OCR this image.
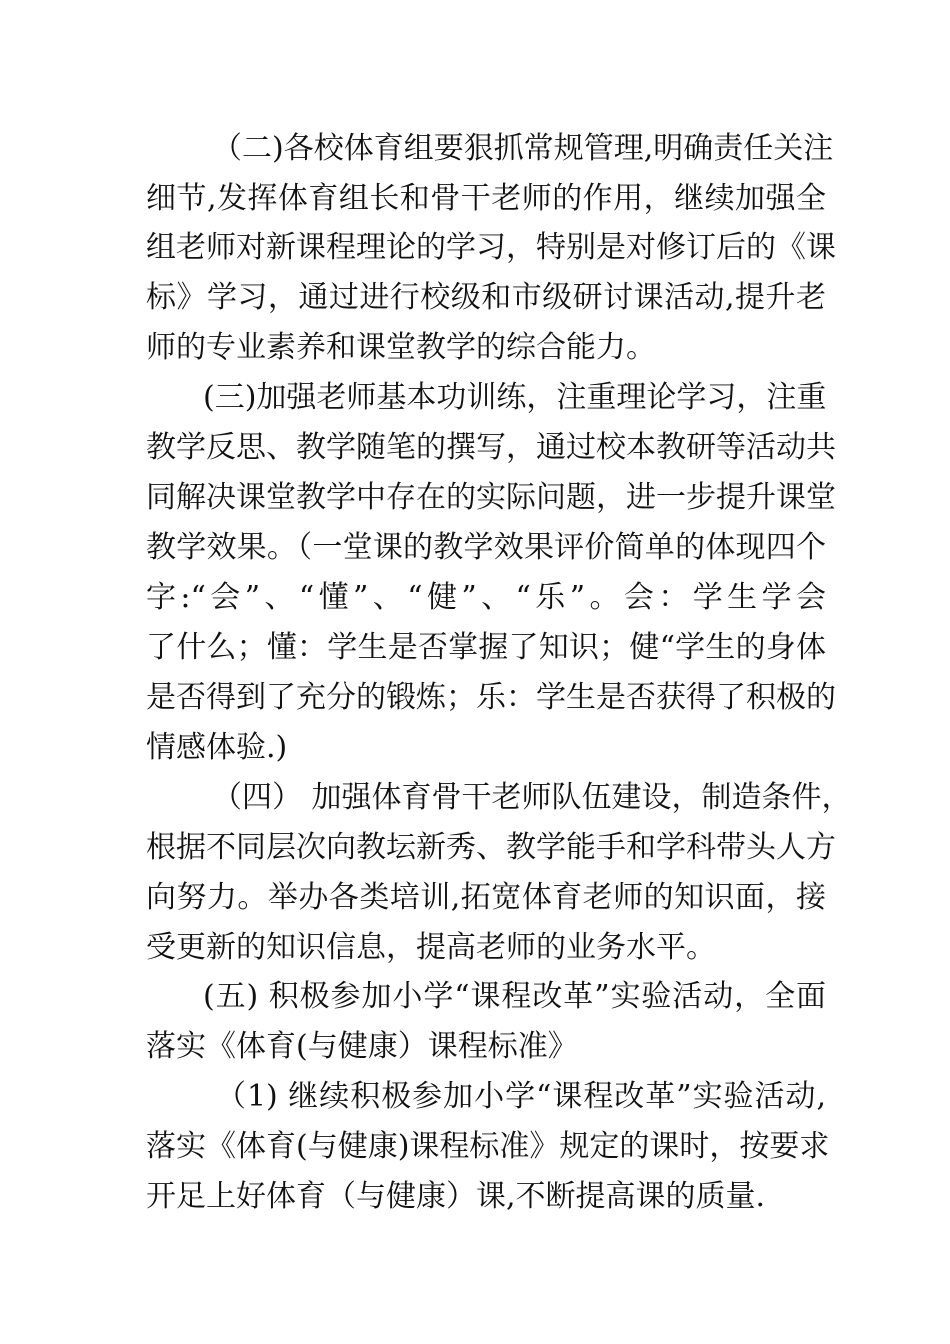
（二)各校体育组要狠抓常规管理,明确责任关注
细节,发挥体育组长和骨干老师的作用，继续加强全
组老师对新课程理论的学习，特别是对修订后的《课
标》学习，通过进行校级和市级研讨课活动,提升老
师的专业素养和课堂教学的综合能力。
(三)加强老师基本功训练，注重理论学习，注重
教学反思、教学随笔的撰写，通过校本教研等活动共
同解决课堂教学中存在的实际问题，进一步提升课堂
教学效果。（一堂课的教学效果评价简单的体现四个
字:“会”、“懂”、“健”、“乐”。会：学生学会
了什么；懂：学生是否掌握了知识；健“学生的身体
是否得到了充分的锻炼；乐：学生是否获得了积极的
情感体验.)
（四） 加强体育骨干老师队伍建设，制造条件，
根据不同层次向教坛新秀、教学能手和学科带头人方
向努力。举办各类培训,拓宽体育老师的知识面，接
受更新的知识信息，提高老师的业务水平。
(五) 积极参加小学“课程改革”实验活动，全面
落实《体育(与健康）课程标准》
（1) 继续积极参加小学“课程改革”实验活动,
落实《体育(与健康)课程标准》规定的课时，按要求
开足上好体育（与健康）课,不断提高课的质量.
